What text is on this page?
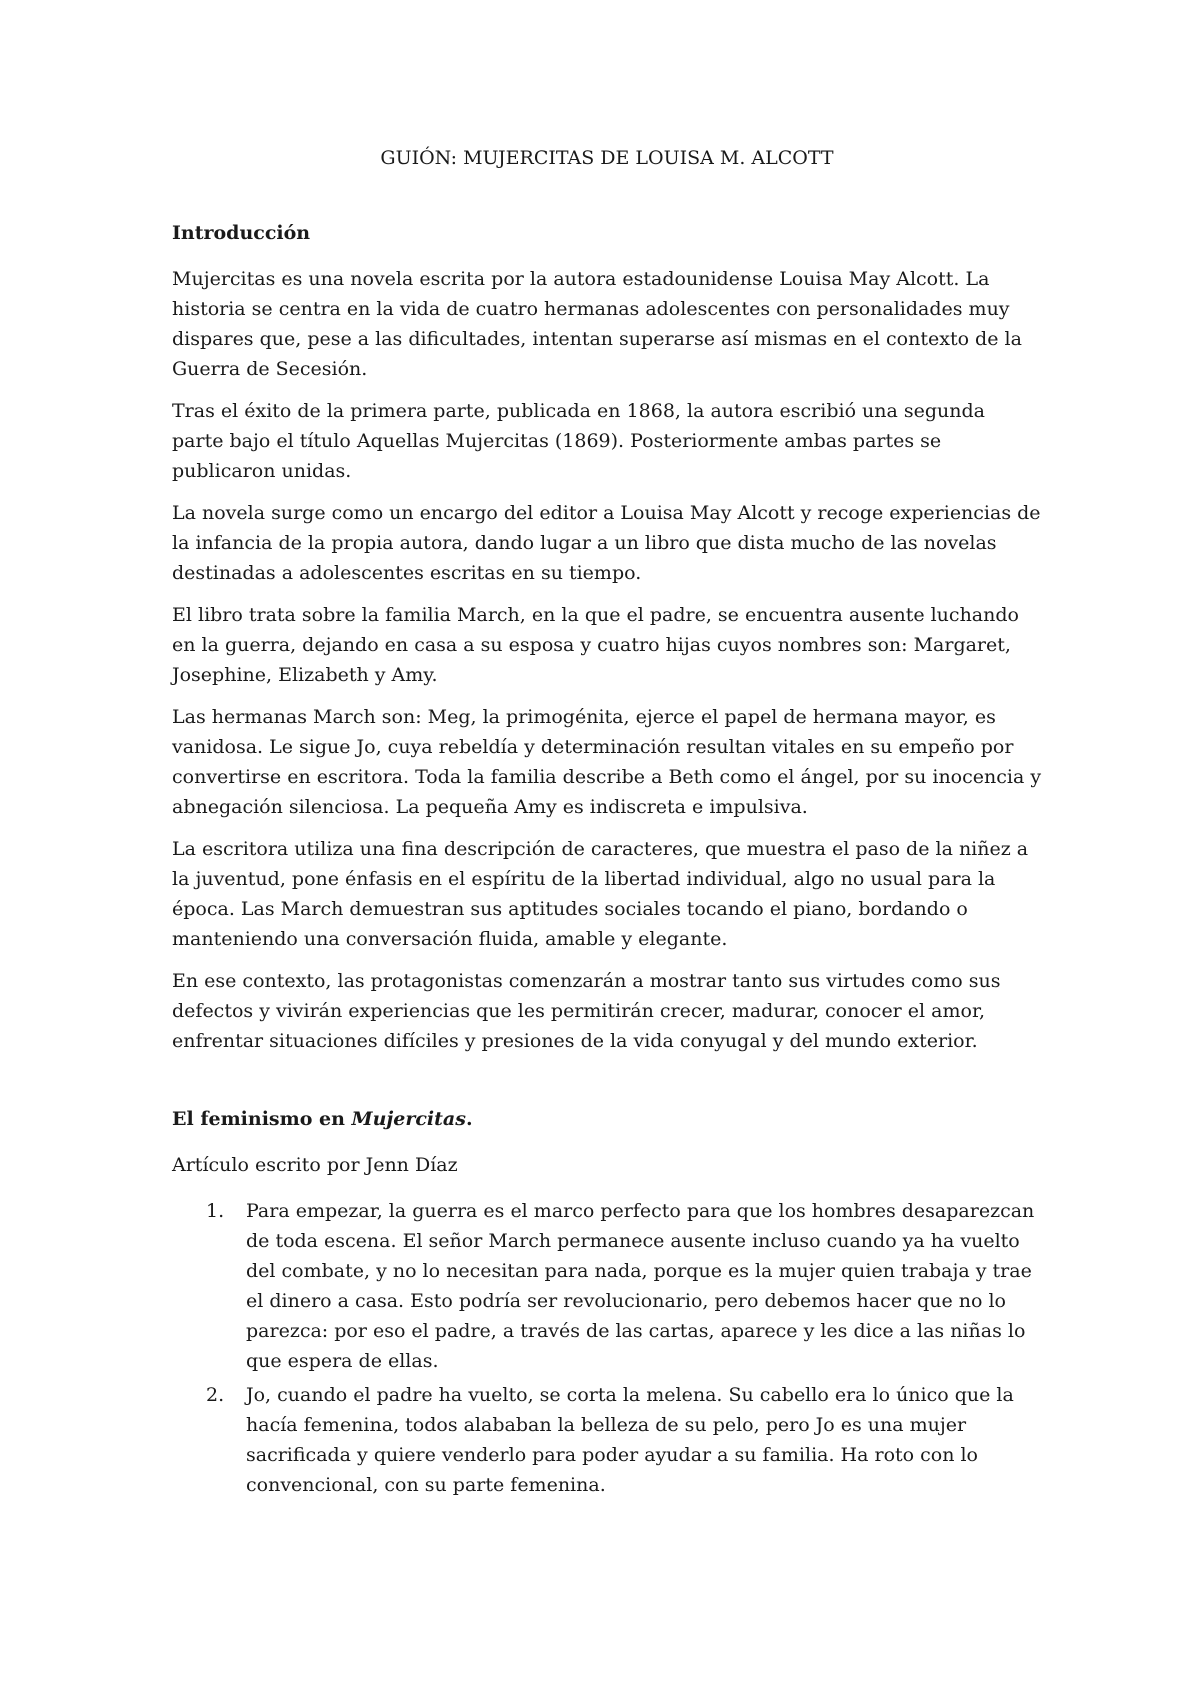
GUIÓN: MUJERCITAS DE LOUISA M. ALCOTT
Introducción

Mujercitas es una novela escrita por la autora estadounidense Louisa May Alcott. La historia se centra en la vida de cuatro hermanas adolescentes con personalidades muy dispares que, pese a las dificultades, intentan superarse así mismas en el contexto de la Guerra de Secesión.

Tras el éxito de la primera parte, publicada en 1868, la autora escribió una segunda parte bajo el título Aquellas Mujercitas (1869). Posteriormente ambas partes se publicaron unidas.

La novela surge como un encargo del editor a Louisa May Alcott y recoge experiencias de la infancia de la propia autora, dando lugar a un libro que dista mucho de las novelas destinadas a adolescentes escritas en su tiempo.

El libro trata sobre la familia March, en la que el padre, se encuentra ausente luchando en la guerra, dejando en casa a su esposa y cuatro hijas cuyos nombres son: Margaret, Josephine, Elizabeth y Amy.

Las hermanas March son: Meg, la primogénita, ejerce el papel de hermana mayor, es vanidosa. Le sigue Jo, cuya rebeldía y determinación resultan vitales en su empeño por convertirse en escritora. Toda la familia describe a Beth como el ángel, por su inocencia y abnegación silenciosa. La pequeña Amy es indiscreta e impulsiva.

La escritora utiliza una fina descripción de caracteres, que muestra el paso de la niñez a la juventud, pone énfasis en el espíritu de la libertad individual, algo no usual para la época. Las March demuestran sus aptitudes sociales tocando el piano, bordando o manteniendo una conversación fluida, amable y elegante.

En ese contexto, las protagonistas comenzarán a mostrar tanto sus virtudes como sus defectos y vivirán experiencias que les permitirán crecer, madurar, conocer el amor, enfrentar situaciones difíciles y presiones de la vida conyugal y del mundo exterior.

El feminismo en Mujercitas.

Artículo escrito por Jenn Díaz

1. Para empezar, la guerra es el marco perfecto para que los hombres desaparezcan de toda escena. El señor March permanece ausente incluso cuando ya ha vuelto del combate, y no lo necesitan para nada, porque es la mujer quien trabaja y trae el dinero a casa. Esto podría ser revolucionario, pero debemos hacer que no lo parezca: por eso el padre, a través de las cartas, aparece y les dice a las niñas lo que espera de ellas.
2. Jo, cuando el padre ha vuelto, se corta la melena. Su cabello era lo único que la hacía femenina, todos alababan la belleza de su pelo, pero Jo es una mujer sacrificada y quiere venderlo para poder ayudar a su familia. Ha roto con lo convencional, con su parte femenina.
